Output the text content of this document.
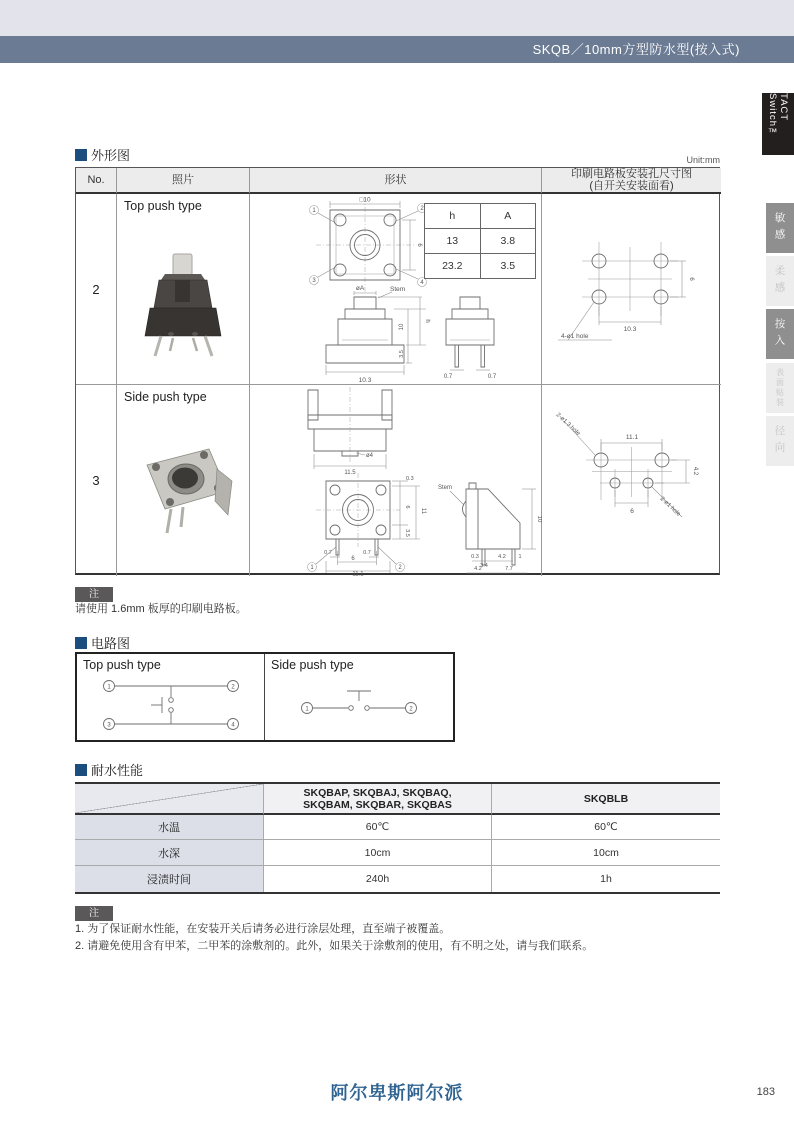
SKQB／10mm方型防水型(按入式)
TACT Switch™
敏感
柔感
按入
表面贴装
径向
外形图	Unit:mm
No.	照片	形状	印刷电路板安装孔尺寸图
(自开关安装面看)
2
Top push type	□10
6
1	2
3	4
øA	Stem
10.3
10
h
3.5
0.7	0.7
h	A
13	3.8
23.2	3.5
10.3
6
4-ø1 hole
3
Side push type
ø4
11.5
0.3
6
3.5
11
0.7	0.7
6
11.1
1	2
Stem
10
0.3
3.4
4.2 1
4.2	7.7
11.1
4.2
6
2-ø1.3 hole
2-ø1 hole
注
请使用 1.6mm 板厚的印刷电路板。
电路图
Top push type
1	2
3	4
Side push type
1	2
耐水性能
SKQBAP, SKQBAJ, SKQBAQ,
SKQBAM, SKQBAR, SKQBAS	SKQBLB
水温	60℃	60℃
水深	10cm	10cm
浸渍时间	240h	1h
注
1. 为了保证耐水性能，在安装开关后请务必进行涂层处理，直至端子被覆盖。
2. 请避免使用含有甲苯，二甲苯的涂敷剂的。此外，如果关于涂敷剂的使用，有不明之处，请与我们联系。
阿尔卑斯阿尔派	183
